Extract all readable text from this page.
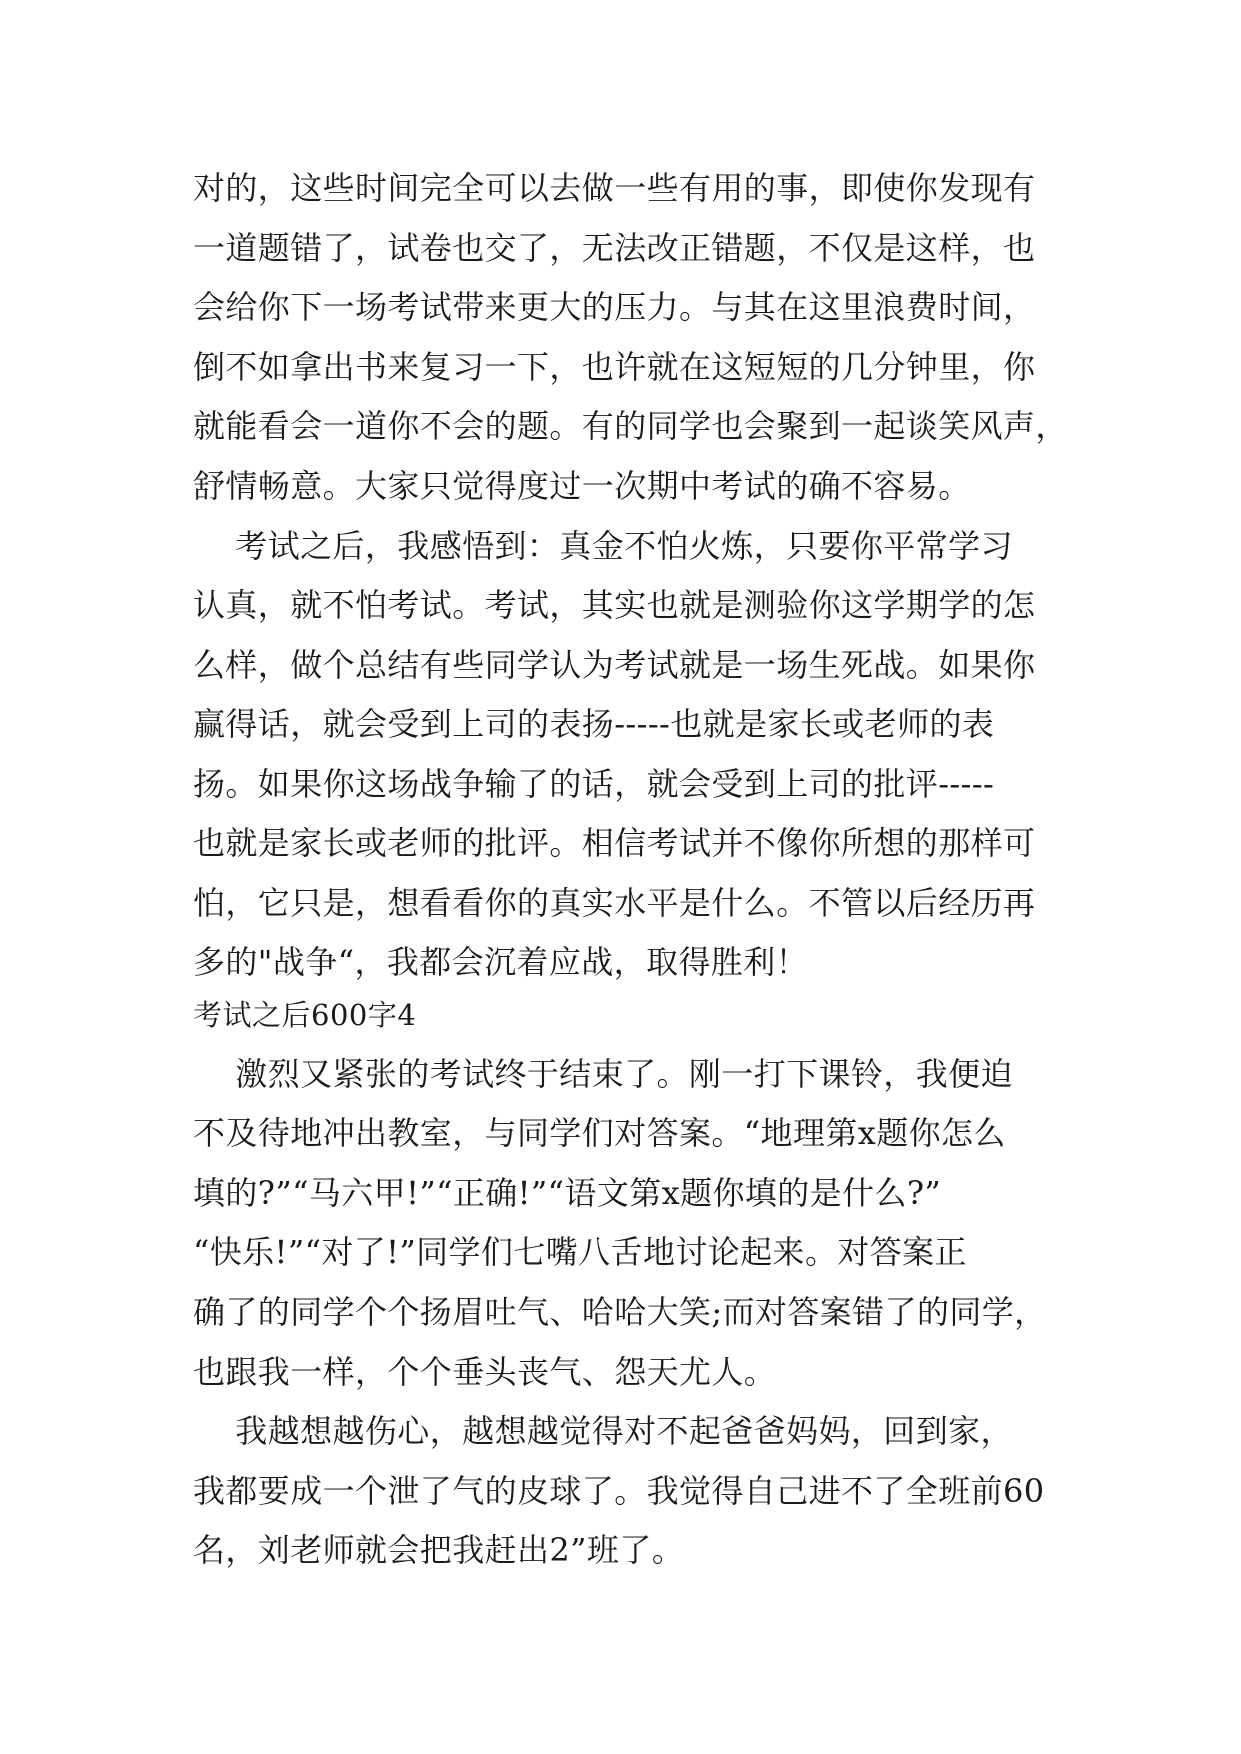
对的，这些时间完全可以去做一些有用的事，即使你发现有
一道题错了，试卷也交了，无法改正错题，不仅是这样，也
会给你下一场考试带来更大的压力。与其在这里浪费时间，
倒不如拿出书来复习一下，也许就在这短短的几分钟里，你
就能看会一道你不会的题。有的同学也会聚到一起谈笑风声，
舒情畅意。大家只觉得度过一次期中考试的确不容易。
考试之后，我感悟到：真金不怕火炼，只要你平常学习
认真，就不怕考试。考试，其实也就是测验你这学期学的怎
么样，做个总结有些同学认为考试就是一场生死战。如果你
赢得话，就会受到上司的表扬-----也就是家长或老师的表
扬。如果你这场战争输了的话，就会受到上司的批评-----
也就是家长或老师的批评。相信考试并不像你所想的那样可
怕，它只是，想看看你的真实水平是什么。不管以后经历再
多的"战争“，我都会沉着应战，取得胜利！
考试之后600字4
激烈又紧张的考试终于结束了。刚一打下课铃，我便迫
不及待地冲出教室，与同学们对答案。“地理第x题你怎么
填的?”“马六甲!”“正确!”“语文第x题你填的是什么?”
“快乐!”“对了!”同学们七嘴八舌地讨论起来。对答案正
确了的同学个个扬眉吐气、哈哈大笑;而对答案错了的同学，
也跟我一样，个个垂头丧气、怨天尤人。
我越想越伤心，越想越觉得对不起爸爸妈妈，回到家，
我都要成一个泄了气的皮球了。我觉得自己进不了全班前60
名，刘老师就会把我赶出2”班了。
